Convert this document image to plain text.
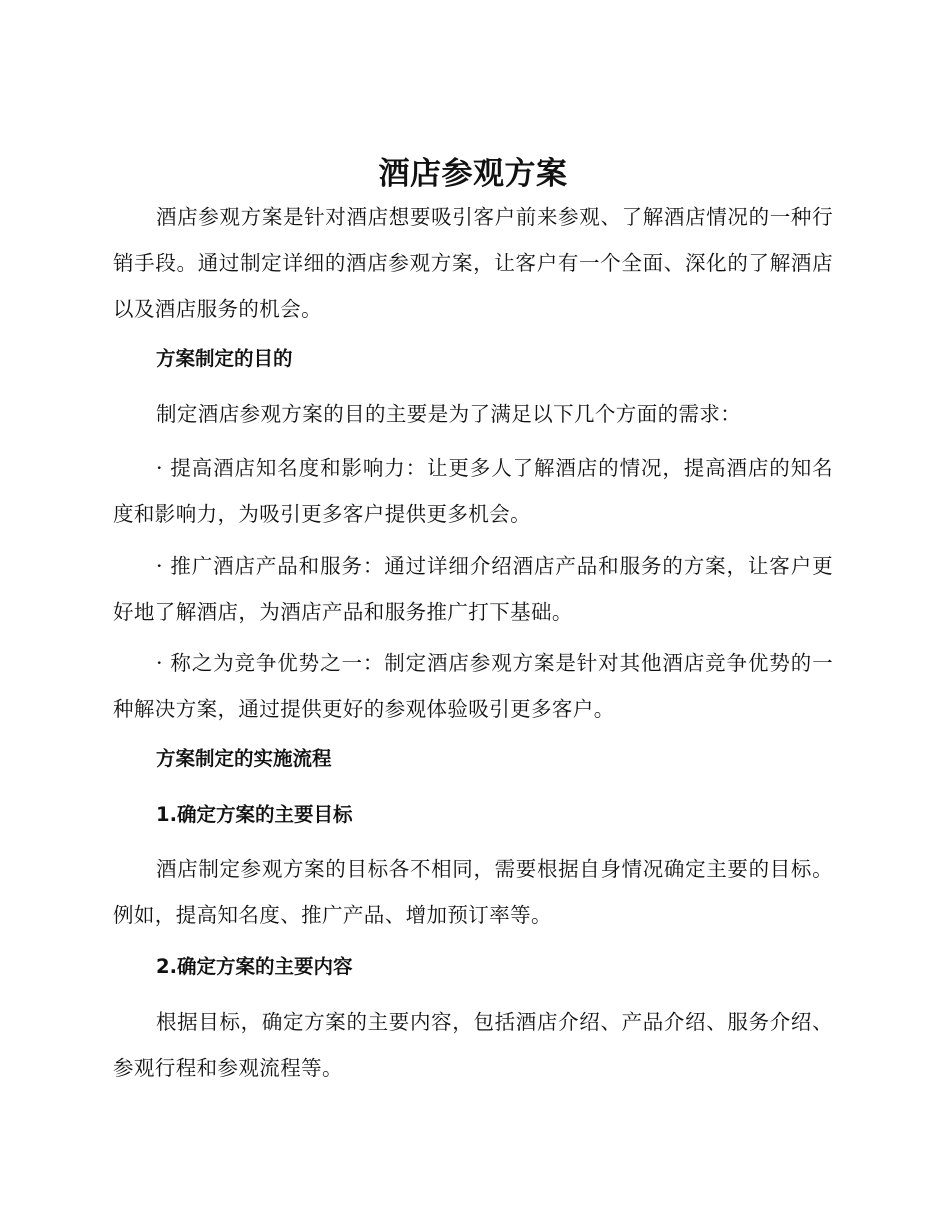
酒店参观方案

酒店参观方案是针对酒店想要吸引客户前来参观、了解酒店情况的一种行销手段。通过制定详细的酒店参观方案，让客户有一个全面、深化的了解酒店以及酒店服务的机会。

方案制定的目的

制定酒店参观方案的目的主要是为了满足以下几个方面的需求：

· 提高酒店知名度和影响力：让更多人了解酒店的情况，提高酒店的知名度和影响力，为吸引更多客户提供更多机会。

· 推广酒店产品和服务：通过详细介绍酒店产品和服务的方案，让客户更好地了解酒店，为酒店产品和服务推广打下基础。

· 称之为竞争优势之一：制定酒店参观方案是针对其他酒店竞争优势的一种解决方案，通过提供更好的参观体验吸引更多客户。

方案制定的实施流程
1.确定方案的主要目标

酒店制定参观方案的目标各不相同，需要根据自身情况确定主要的目标。例如，提高知名度、推广产品、增加预订率等。

2.确定方案的主要内容

根据目标，确定方案的主要内容，包括酒店介绍、产品介绍、服务介绍、参观行程和参观流程等。
